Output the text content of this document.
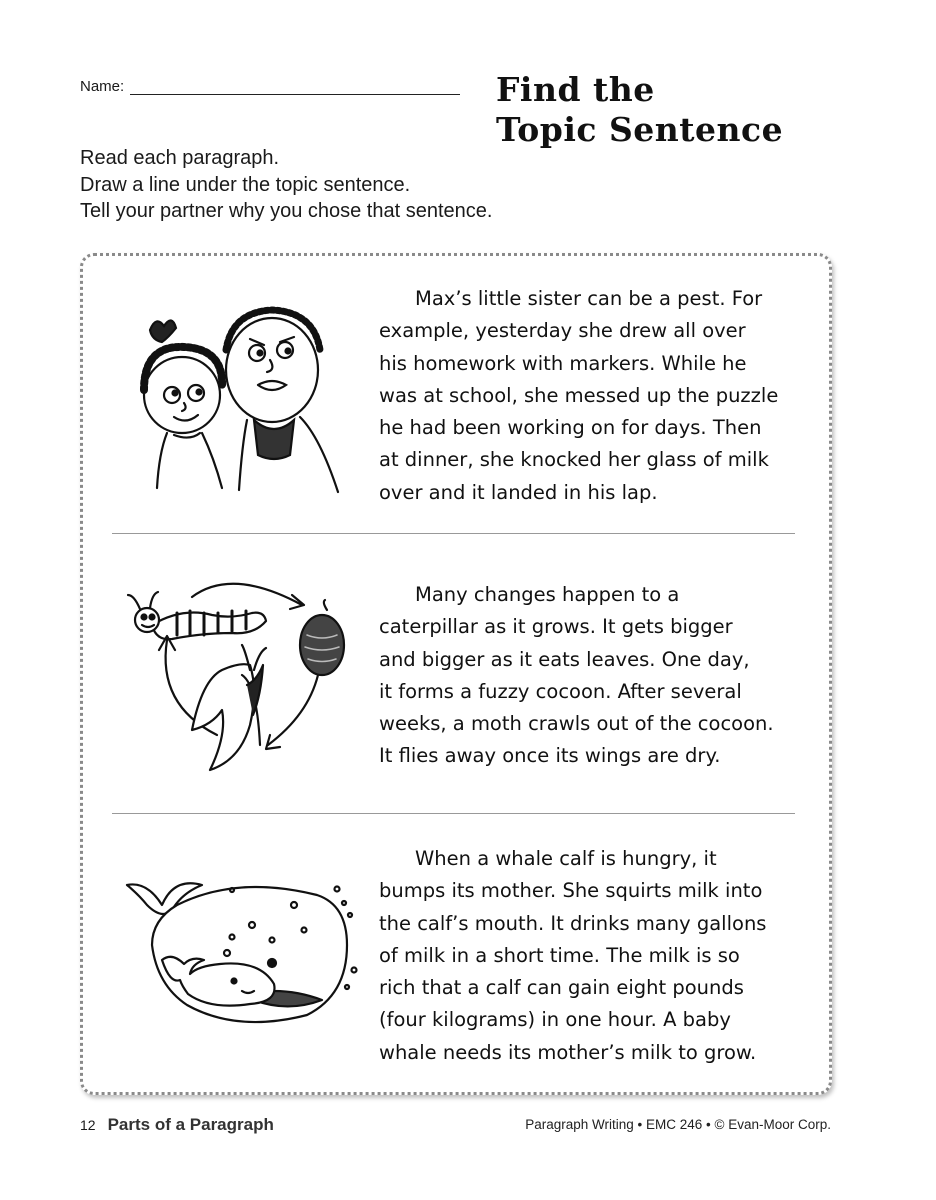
Name:	Find the
Topic Sentence
Read each paragraph.
Draw a line under the topic sentence.
Tell your partner why you chose that sentence.
Max’s little sister can be a pest. For
example, yesterday she drew all over
his homework with markers. While he
was at school, she messed up the puzzle
he had been working on for days. Then
at dinner, she knocked her glass of milk
over and it landed in his lap.
Many changes happen to a
caterpillar as it grows. It gets bigger
and bigger as it eats leaves. One day,
it forms a fuzzy cocoon. After several
weeks, a moth crawls out of the cocoon.
It flies away once its wings are dry.
When a whale calf is hungry, it
bumps its mother. She squirts milk into
the calf’s mouth. It drinks many gallons
of milk in a short time. The milk is so
rich that a calf can gain eight pounds
(four kilograms) in one hour. A baby
whale needs its mother’s milk to grow.
12 Parts of a Paragraph	Paragraph Writing • EMC 246 • © Evan-Moor Corp.
